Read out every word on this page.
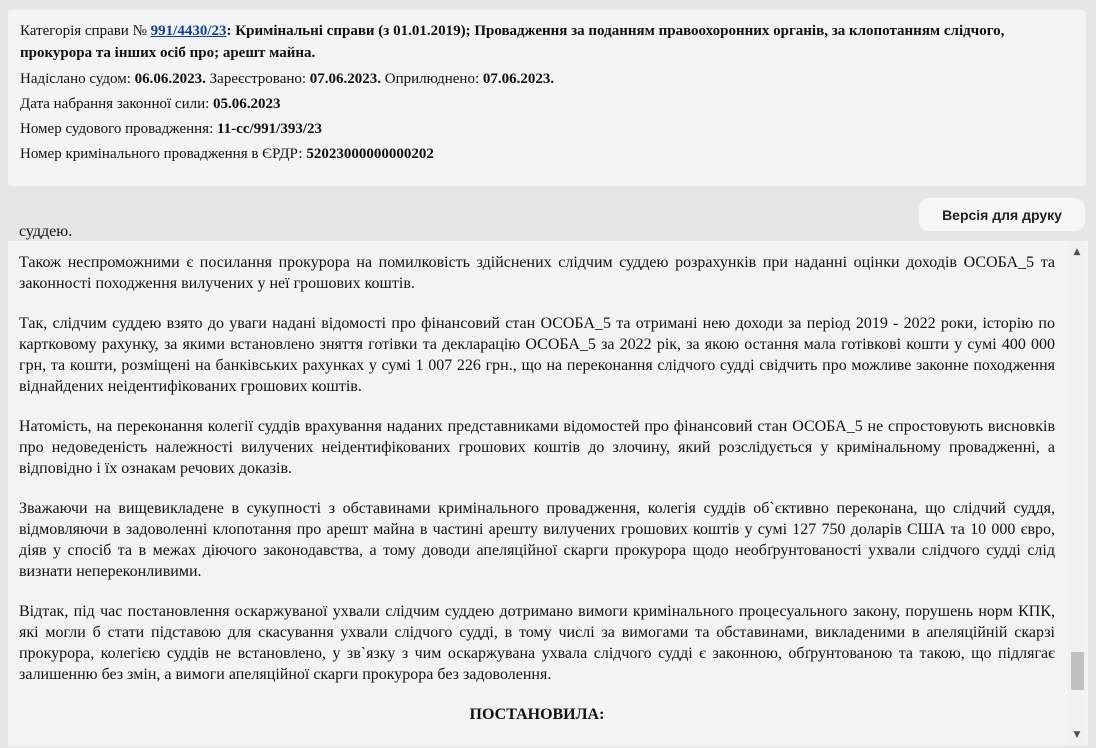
Категорія справи № 991/4430/23: Кримінальні справи (з 01.01.2019); Провадження за поданням правоохоронних органів, за клопотанням слідчого, прокурора та інших осіб про; арешт майна.
Надіслано судом: 06.06.2023. Зареєстровано: 07.06.2023. Оприлюднено: 07.06.2023.
Дата набрання законної сили: 05.06.2023
Номер судового провадження: 11-сс/991/393/23
Номер кримінального провадження в ЄРДР: 52023000000000202
Версія для друку

суддею.

Також неспроможними є посилання прокурора на помилковість здійснених слідчим суддею розрахунків при наданні оцінки доходів ОСОБА_5 та законності походження вилучених у неї грошових коштів.

Так, слідчим суддею взято до уваги надані відомості про фінансовий стан ОСОБА_5 та отримані нею доходи за період 2019 - 2022 роки, історію по картковому рахунку, за якими встановлено зняття готівки та декларацію ОСОБА_5 за 2022 рік, за якою остання мала готівкові кошти у сумі 400 000 грн, та кошти, розміщені на банківських рахунках у сумі 1 007 226 грн., що на переконання слідчого судді свідчить про можливе законне походження віднайдених неідентифікованих грошових коштів.

Натомість, на переконання колегії суддів врахування наданих представниками відомостей про фінансовий стан ОСОБА_5 не спростовують висновків про недоведеність належності вилучених неідентифікованих грошових коштів до злочину, який розслідується у кримінальному провадженні, а відповідно і їх ознакам речових доказів.

Зважаючи на вищевикладене в сукупності з обставинами кримінального провадження, колегія суддів об`єктивно переконана, що слідчий суддя, відмовляючи в задоволенні клопотання про арешт майна в частині арешту вилучених грошових коштів у сумі 127 750 доларів США та 10 000 євро, діяв у спосіб та в межах діючого законодавства, а тому доводи апеляційної скарги прокурора щодо необґрунтованості ухвали слідчого судді слід визнати непереконливими.

Відтак, під час постановлення оскаржуваної ухвали слідчим суддею дотримано вимоги кримінального процесуального закону, порушень норм КПК, які могли б стати підставою для скасування ухвали слідчого судді, в тому числі за вимогами та обставинами, викладеними в апеляційній скарзі прокурора, колегією суддів не встановлено, у зв`язку з чим оскаржувана ухвала слідчого судді є законною, обґрунтованою та такою, що підлягає залишенню без змін, а вимоги апеляційної скарги прокурора без задоволення.

ПОСТАНОВИЛА:

▲
▼
